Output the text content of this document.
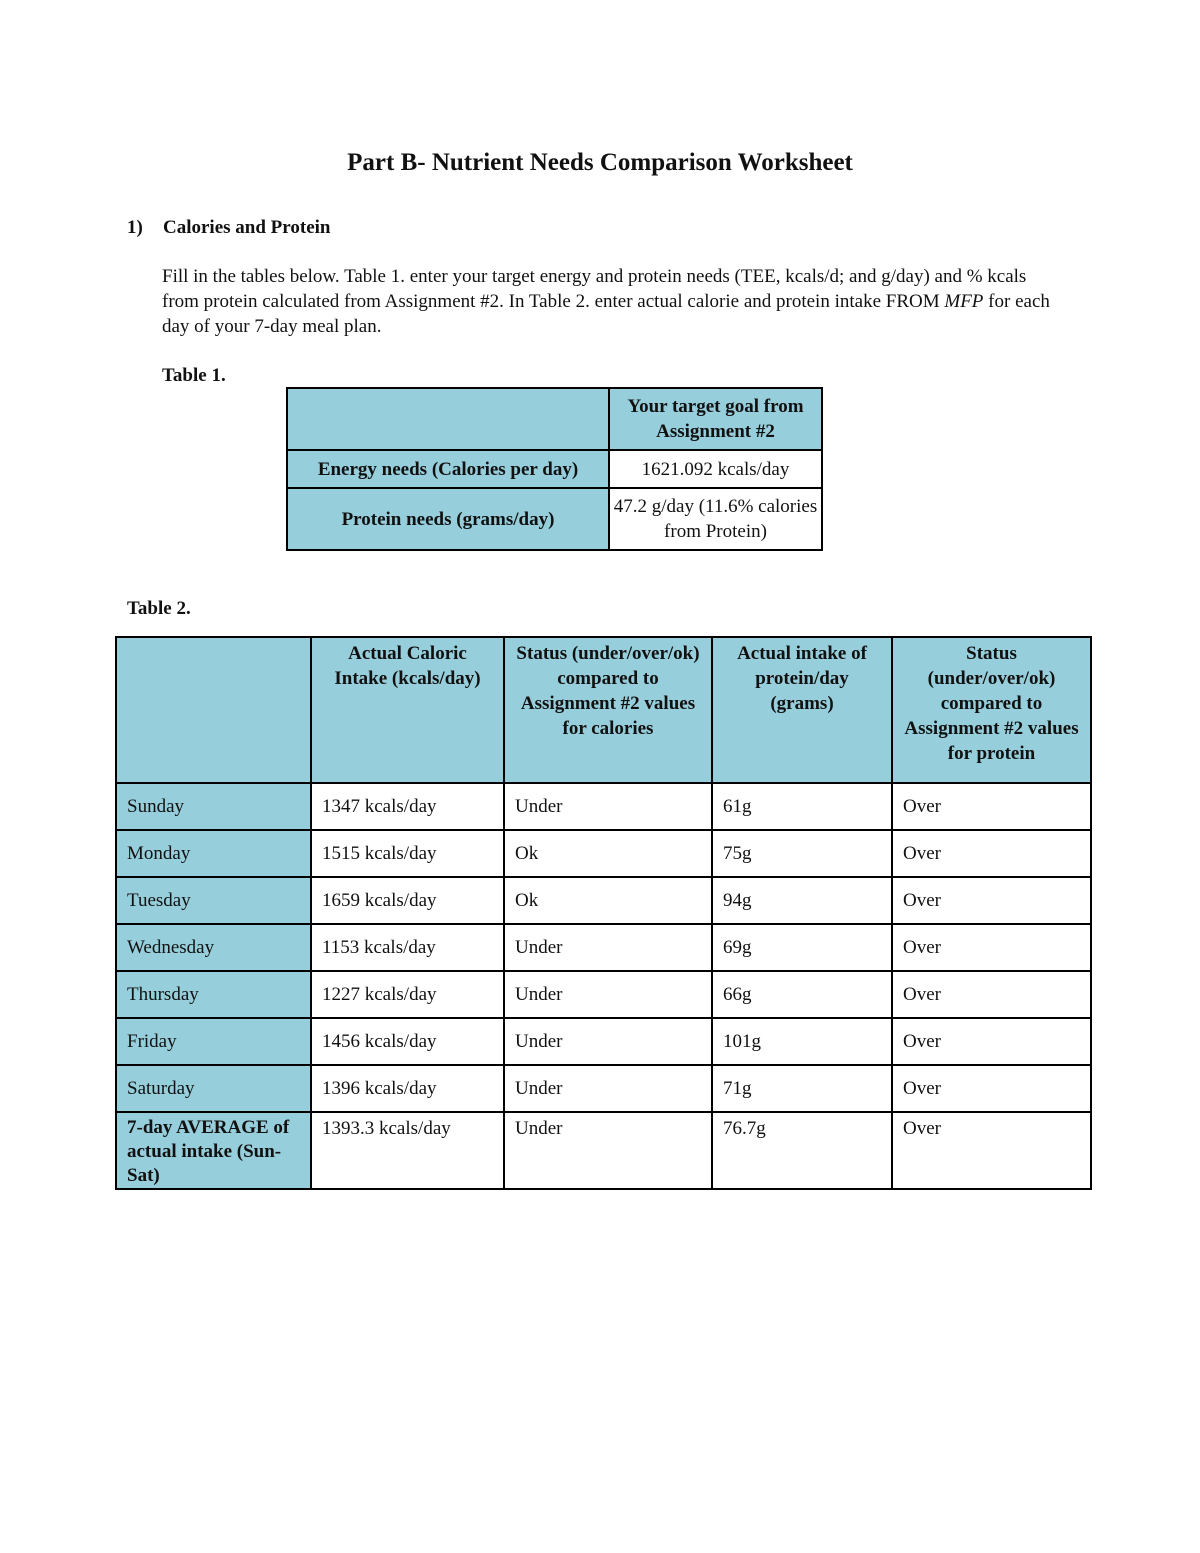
Part B- Nutrient Needs Comparison Worksheet
1) Calories and Protein
Fill in the tables below. Table 1. enter your target energy and protein needs (TEE, kcals/d; and g/day) and % kcals from protein calculated from Assignment #2. In Table 2. enter actual calorie and protein intake FROM MFP for each day of your 7-day meal plan.
Table 1.
	Your target goal from Assignment #2
Energy needs (Calories per day)	1621.092 kcals/day
Protein needs (grams/day)	47.2 g/day (11.6% calories from Protein)
Table 2.
	Actual Caloric Intake (kcals/day)	Status (under/over/ok) compared to Assignment #2 values for calories	Actual intake of protein/day (grams)	Status (under/over/ok) compared to Assignment #2 values for protein
Sunday	1347 kcals/day	Under	61g	Over
Monday	1515 kcals/day	Ok	75g	Over
Tuesday	1659 kcals/day	Ok	94g	Over
Wednesday	1153 kcals/day	Under	69g	Over
Thursday	1227 kcals/day	Under	66g	Over
Friday	1456 kcals/day	Under	101g	Over
Saturday	1396 kcals/day	Under	71g	Over
7-day AVERAGE of actual intake (Sun-Sat)	1393.3 kcals/day	Under	76.7g	Over
